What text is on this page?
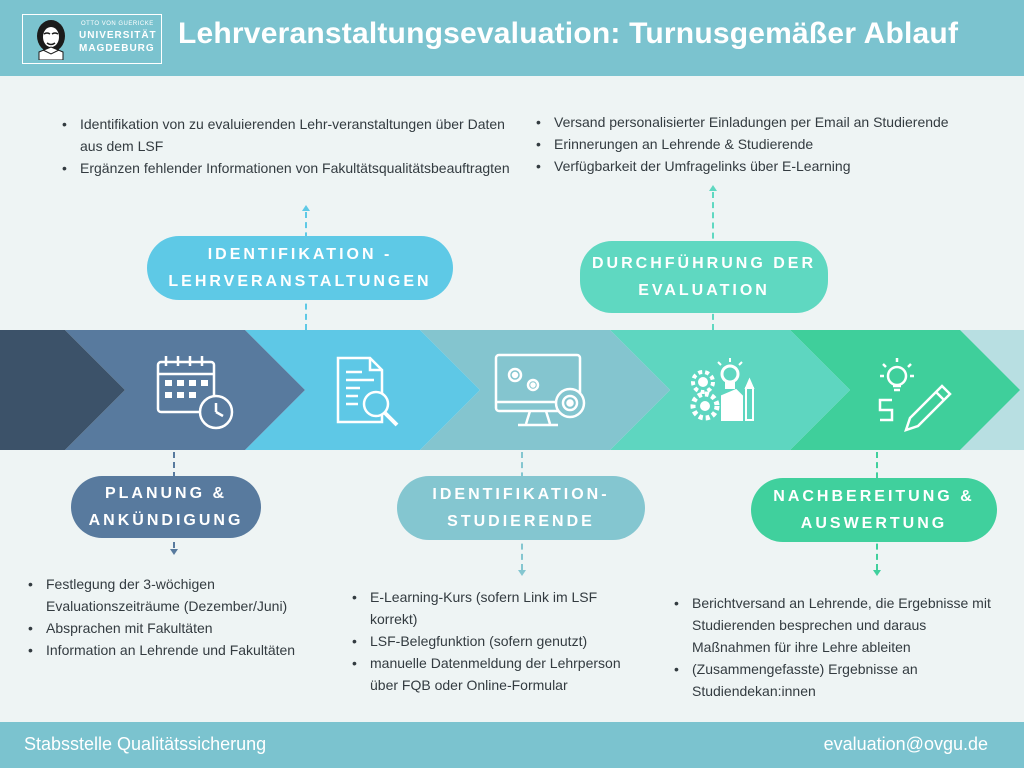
OTTO VON GUERICKE
UNIVERSITÄT
MAGDEBURG Lehrveranstaltungsevaluation: Turnusgemäßer Ablauf
PLANUNG &
ANKÜNDIGUNG
IDENTIFIKATION -
LEHRVERANSTALTUNGEN
IDENTIFIKATION-
STUDIERENDE
DURCHFÜHRUNG DER
EVALUATION
NACHBEREITUNG &
AUSWERTUNG
• Identifikation von zu evaluierenden Lehr-veranstaltungen über Daten aus dem LSF
• Ergänzen fehlender Informationen von Fakultätsqualitätsbeauftragten
• Versand personalisierter Einladungen per Email an Studierende
• Erinnerungen an Lehrende & Studierende
• Verfügbarkeit der Umfragelinks über E-Learning
• Festlegung der 3-wöchigen Evaluationszeiträume (Dezember/Juni)
• Absprachen mit Fakultäten
• Information an Lehrende und Fakultäten
• E-Learning-Kurs (sofern Link im LSF korrekt)
• LSF-Belegfunktion (sofern genutzt)
• manuelle Datenmeldung der Lehrperson über FQB oder Online-Formular
• Berichtversand an Lehrende, die Ergebnisse mit Studierenden besprechen und daraus Maßnahmen für ihre Lehre ableiten
• (Zusammengefasste) Ergebnisse an Studiendekan:innen
Stabsstelle Qualitätssicherung	evaluation@ovgu.de
